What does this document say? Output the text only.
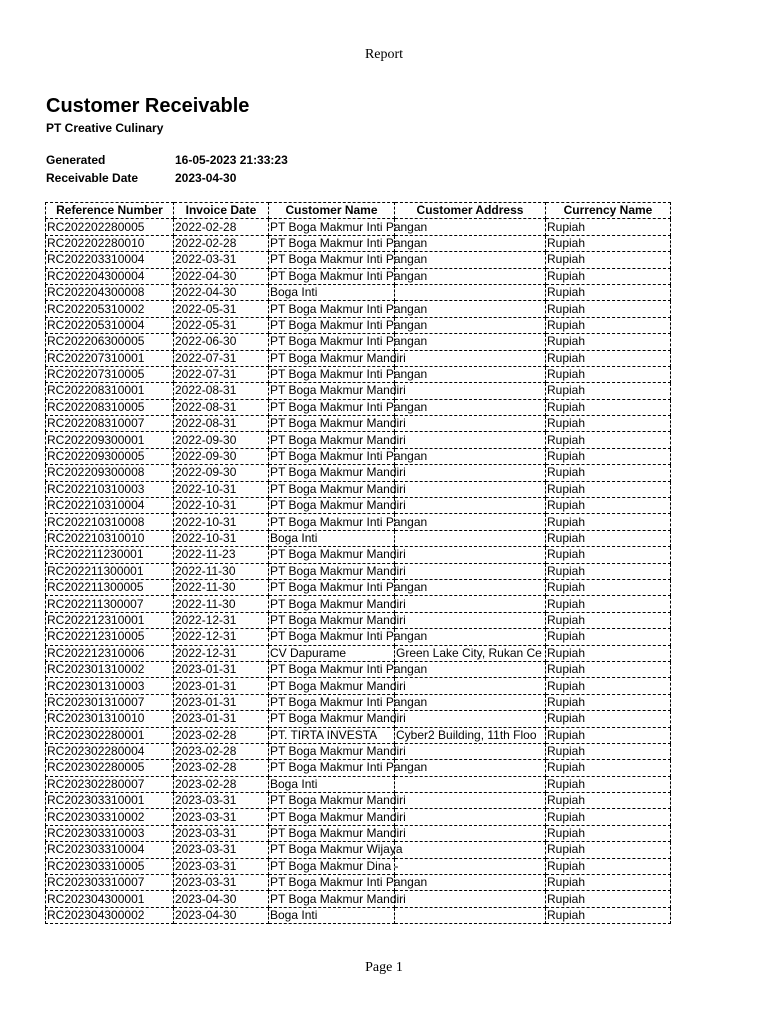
Report
Customer Receivable
PT Creative Culinary
Generated	16-05-2023 21:33:23
Receivable Date	2023-04-30
Reference Number	Invoice Date	Customer Name	Customer Address	Currency Name
RC202202280005	2022-02-28	PT Boga Makmur Inti Pangan		Rupiah
RC202202280010	2022-02-28	PT Boga Makmur Inti Pangan		Rupiah
RC202203310004	2022-03-31	PT Boga Makmur Inti Pangan		Rupiah
RC202204300004	2022-04-30	PT Boga Makmur Inti Pangan		Rupiah
RC202204300008	2022-04-30	Boga Inti		Rupiah
RC202205310002	2022-05-31	PT Boga Makmur Inti Pangan		Rupiah
RC202205310004	2022-05-31	PT Boga Makmur Inti Pangan		Rupiah
RC202206300005	2022-06-30	PT Boga Makmur Inti Pangan		Rupiah
RC202207310001	2022-07-31	PT Boga Makmur Mandiri		Rupiah
RC202207310005	2022-07-31	PT Boga Makmur Inti Pangan		Rupiah
RC202208310001	2022-08-31	PT Boga Makmur Mandiri		Rupiah
RC202208310005	2022-08-31	PT Boga Makmur Inti Pangan		Rupiah
RC202208310007	2022-08-31	PT Boga Makmur Mandiri		Rupiah
RC202209300001	2022-09-30	PT Boga Makmur Mandiri		Rupiah
RC202209300005	2022-09-30	PT Boga Makmur Inti Pangan		Rupiah
RC202209300008	2022-09-30	PT Boga Makmur Mandiri		Rupiah
RC202210310003	2022-10-31	PT Boga Makmur Mandiri		Rupiah
RC202210310004	2022-10-31	PT Boga Makmur Mandiri		Rupiah
RC202210310008	2022-10-31	PT Boga Makmur Inti Pangan		Rupiah
RC202210310010	2022-10-31	Boga Inti		Rupiah
RC202211230001	2022-11-23	PT Boga Makmur Mandiri		Rupiah
RC202211300001	2022-11-30	PT Boga Makmur Mandiri		Rupiah
RC202211300005	2022-11-30	PT Boga Makmur Inti Pangan		Rupiah
RC202211300007	2022-11-30	PT Boga Makmur Mandiri		Rupiah
RC202212310001	2022-12-31	PT Boga Makmur Mandiri		Rupiah
RC202212310005	2022-12-31	PT Boga Makmur Inti Pangan		Rupiah
RC202212310006	2022-12-31	CV Dapurame	Green Lake City, Rukan Ce	Rupiah
RC202301310002	2023-01-31	PT Boga Makmur Inti Pangan		Rupiah
RC202301310003	2023-01-31	PT Boga Makmur Mandiri		Rupiah
RC202301310007	2023-01-31	PT Boga Makmur Inti Pangan		Rupiah
RC202301310010	2023-01-31	PT Boga Makmur Mandiri		Rupiah
RC202302280001	2023-02-28	PT. TIRTA INVESTA	Cyber2 Building, 11th Floo	Rupiah
RC202302280004	2023-02-28	PT Boga Makmur Mandiri		Rupiah
RC202302280005	2023-02-28	PT Boga Makmur Inti Pangan		Rupiah
RC202302280007	2023-02-28	Boga Inti		Rupiah
RC202303310001	2023-03-31	PT Boga Makmur Mandiri		Rupiah
RC202303310002	2023-03-31	PT Boga Makmur Mandiri		Rupiah
RC202303310003	2023-03-31	PT Boga Makmur Mandiri		Rupiah
RC202303310004	2023-03-31	PT Boga Makmur Wijaya		Rupiah
RC202303310005	2023-03-31	PT Boga Makmur Dina -		Rupiah
RC202303310007	2023-03-31	PT Boga Makmur Inti Pangan		Rupiah
RC202304300001	2023-04-30	PT Boga Makmur Mandiri		Rupiah
RC202304300002	2023-04-30	Boga Inti		Rupiah
Page 1
